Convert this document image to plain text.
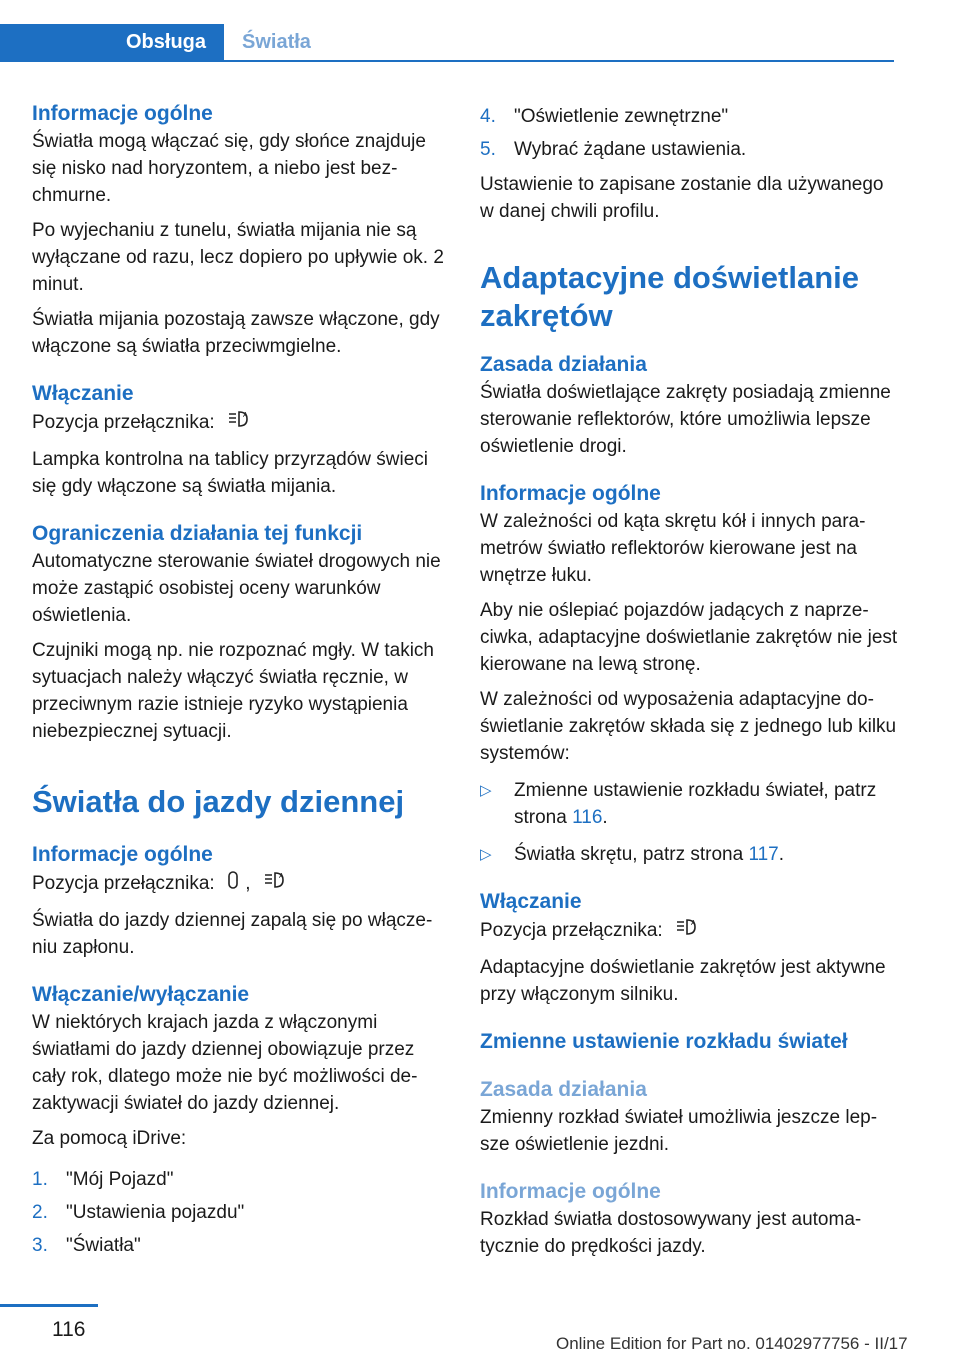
Obsługa	Światła
Informacje ogólne

Światła mogą włączać się, gdy słońce znajduje się nisko nad horyzontem, a niebo jest bezchmurne.

Po wyjechaniu z tunelu, światła mijania nie są wyłączane od razu, lecz dopiero po upływie ok. 2 minut.

Światła mijania pozostają zawsze włączone, gdy włączone są światła przeciwmgielne.

Włączanie

Pozycja przełącznika:	A

Lampka kontrolna na tablicy przyrządów świeci się gdy włączone są światła mijania.

Ograniczenia działania tej funkcji

Automatyczne sterowanie świateł drogowych nie może zastąpić osobistej oceny warunków oświetlenia.

Czujniki mogą np. nie rozpoznać mgły. W takich sytuacjach należy włączyć światła ręcznie, w przeciwnym razie istnieje ryzyko wystąpienia niebezpiecznej sytuacji.

Światła do jazdy dziennej
Informacje ogólne

Pozycja przełącznika: ,	A

Światła do jazdy dziennej zapalą się po włączeniu zapłonu.

Włączanie/wyłączanie

W niektórych krajach jazda z włączonymi światłami do jazdy dziennej obowiązuje przez cały rok, dlatego może nie być możliwości dezaktywacji świateł do jazdy dziennej.

Za pomocą iDrive:

1. "Mój Pojazd"
2. "Ustawienia pojazdu"
3. "Światła"
4. "Oświetlenie zewnętrzne"
5. Wybrać żądane ustawienia.

Ustawienie to zapisane zostanie dla używanego w danej chwili profilu.

Adaptacyjne doświetlanie zakrętów
Zasada działania

Światła doświetlające zakręty posiadają zmienne sterowanie reflektorów, które umożliwia lepsze oświetlenie drogi.

Informacje ogólne

W zależności od kąta skrętu kół i innych parametrów światło reflektorów kierowane jest na wnętrze łuku.

Aby nie oślepiać pojazdów jadących z naprzeciwka, adaptacyjne doświetlanie zakrętów nie jest kierowane na lewą stronę.

W zależności od wyposażenia adaptacyjne doświetlanie zakrętów składa się z jednego lub kilku systemów:

▷	Zmienne ustawienie rozkładu świateł, patrz strona 116.
▷	Światła skrętu, patrz strona 117.
Włączanie

Pozycja przełącznika:	A

Adaptacyjne doświetlanie zakrętów jest aktywne przy włączonym silniku.

Zmienne ustawienie rozkładu świateł
Zasada działania

Zmienny rozkład świateł umożliwia jeszcze lepsze oświetlenie jezdni.

Informacje ogólne

Rozkład światła dostosowywany jest automatycznie do prędkości jazdy.

116
Online Edition for Part no. 01402977756 - II/17
